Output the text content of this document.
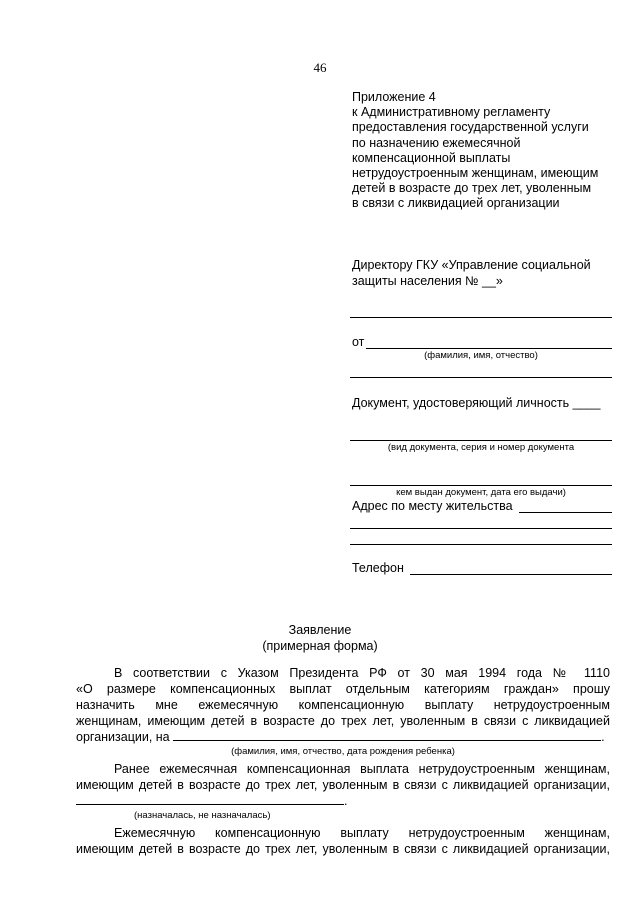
46
Приложение 4
к Административному регламенту
предоставления государственной услуги
по назначению ежемесячной
компенсационной выплаты
нетрудоустроенным женщинам, имеющим
детей в возрасте до трех лет, уволенным
в связи с ликвидацией организации
Директору ГКУ «Управление социальной
защиты населения № __»
от
(фамилия, имя, отчество)
Документ, удостоверяющий личность ____
(вид документа, серия и номер документа
кем выдан документ, дата его выдачи)
Адрес по месту жительства
Телефон
Заявление
(примерная форма)
В соответствии с Указом Президента РФ от 30 мая 1994 года № 1110
«О размере компенсационных выплат отдельным категориям граждан» прошу
назначить мне ежемесячную компенсационную выплату нетрудоустроенным
женщинам, имеющим детей в возрасте до трех лет, уволенным в связи с ликвидацией
организации, на	.
(фамилия, имя, отчество, дата рождения ребенка)
Ранее ежемесячная компенсационная выплата нетрудоустроенным женщинам,
имеющим детей в возрасте до трех лет, уволенным в связи с ликвидацией организации,
.
(назначалась, не назначалась)
Ежемесячную компенсационную выплату нетрудоустроенным женщинам,
имеющим детей в возрасте до трех лет, уволенным в связи с ликвидацией организации,
